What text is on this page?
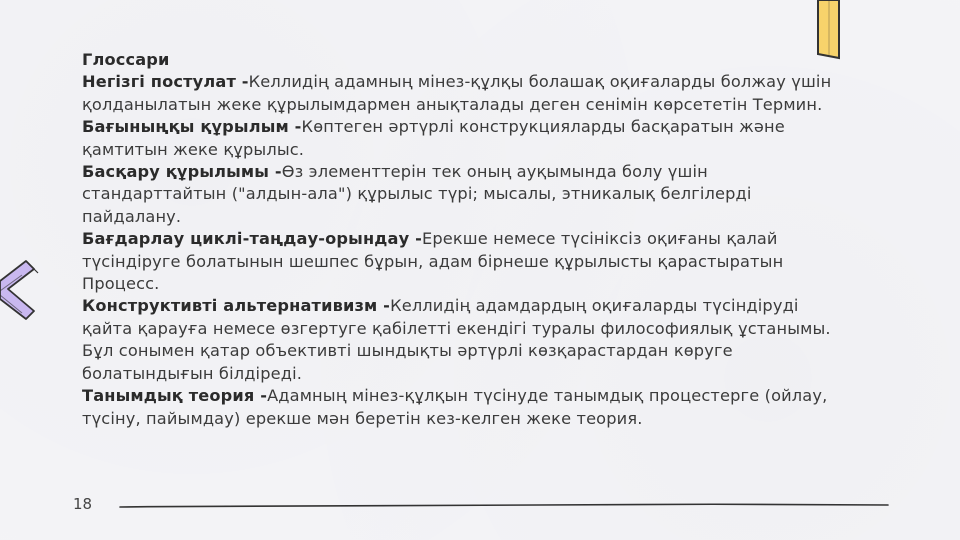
Глоссари

Негізгі постулат -Келлидің адамның мінез-құлқы болашақ оқиғаларды болжау үшін қолданылатын жеке құрылымдармен анықталады деген сенімін көрсететін Термин.

Бағыныңқы құрылым -Көптеген әртүрлі конструкцияларды басқаратын және қамтитын жеке құрылыс.

Басқару құрылымы -Өз элементтерін тек оның ауқымында болу үшін стандарттайтын ("алдын-ала") құрылыс түрі; мысалы, этникалық белгілерді пайдалану.

Бағдарлау циклі-таңдау-орындау -Ерекше немесе түсініксіз оқиғаны қалай түсіндіруге болатынын шешпес бұрын, адам бірнеше құрылысты қарастыратын Процесс.

Конструктивті альтернативизм -Келлидің адамдардың оқиғаларды түсіндіруді қайта қарауға немесе өзгертуге қабілетті екендігі туралы философиялық ұстанымы. Бұл сонымен қатар объективті шындықты әртүрлі көзқарастардан көруге болатындығын білдіреді.

Танымдық теория -Адамның мінез-құлқын түсінуде танымдық процестерге (ойлау, түсіну, пайымдау) ерекше мән беретін кез-келген жеке теория.

18
